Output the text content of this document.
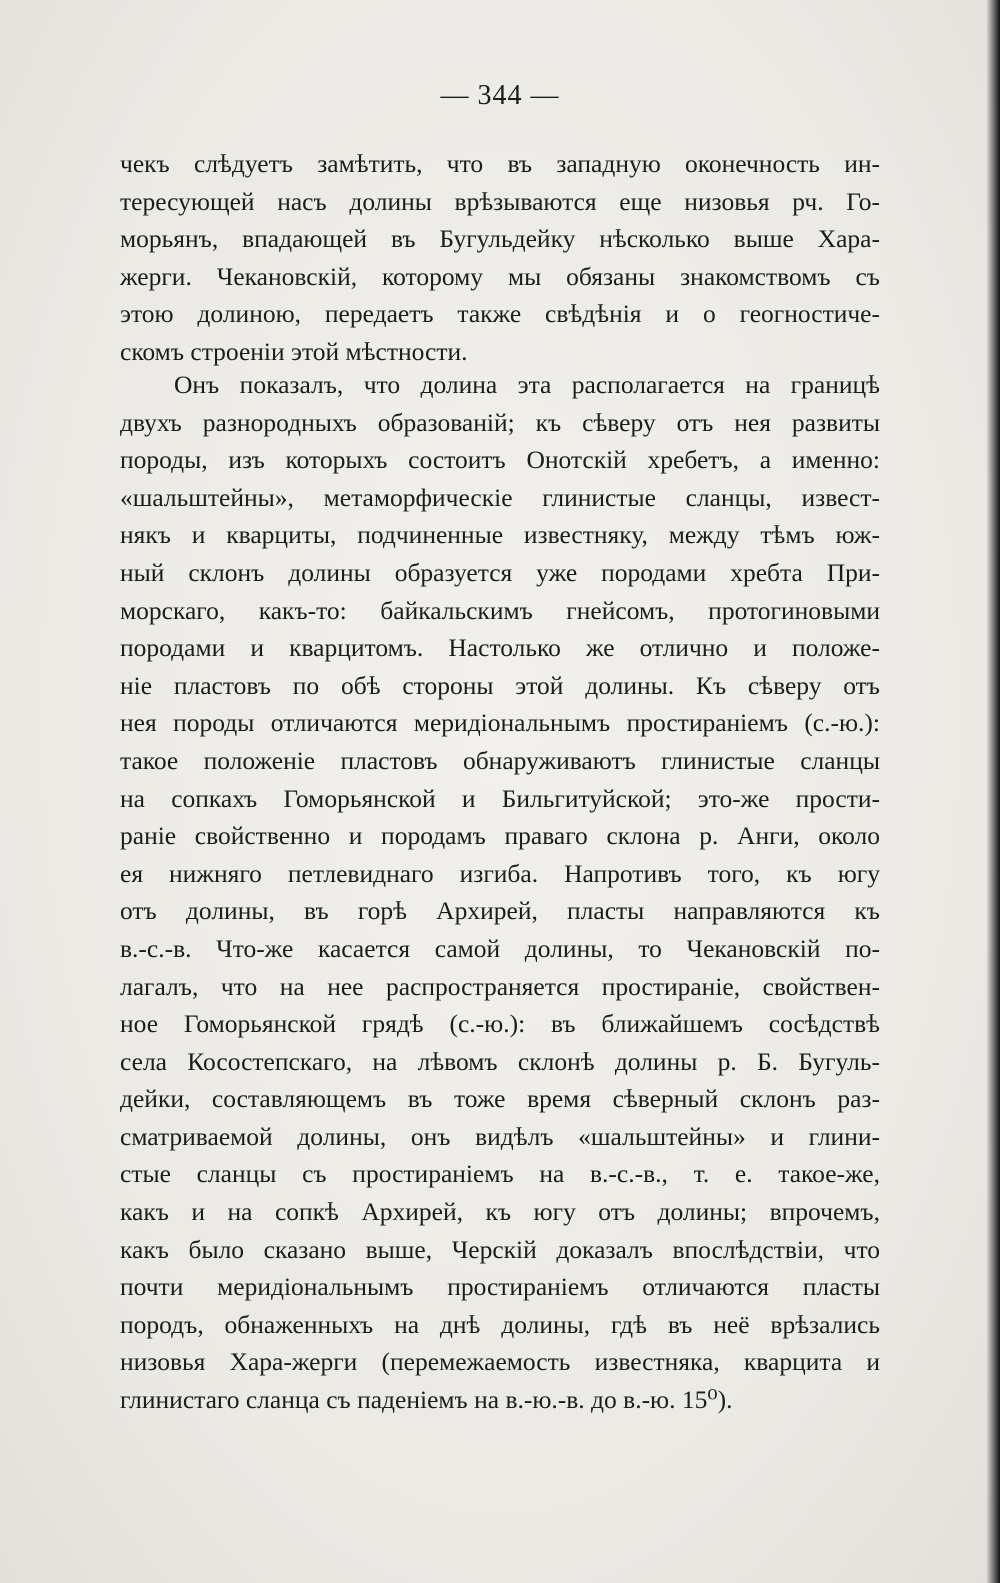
— 344 —
чекъ слѣдуетъ замѣтить, что въ западную оконечность ин-
тересующей насъ долины врѣзываются еще низовья рч. Го-
морьянъ, впадающей въ Бугульдейку нѣсколько выше Хара-
жерги. Чекановскій, которому мы обязаны знакомствомъ съ
этою долиною, передаетъ также свѣдѣнія и о геогностиче-
скомъ строеніи этой мѣстности.
Онъ показалъ, что долина эта располагается на границѣ
двухъ разнородныхъ образованій; къ сѣверу отъ нея развиты
породы, изъ которыхъ состоитъ Онотскій хребетъ, а именно:
«шальштейны», метаморфическіе глинистые сланцы, извест-
някъ и кварциты, подчиненные известняку, между тѣмъ юж-
ный склонъ долины образуется уже породами хребта При-
морскаго, какъ-то: байкальскимъ гнейсомъ, протогиновыми
породами и кварцитомъ. Настолько же отлично и положе-
ніе пластовъ по обѣ стороны этой долины. Къ сѣверу отъ
нея породы отличаются меридіональнымъ простираніемъ (с.-ю.):
такое положеніе пластовъ обнаруживаютъ глинистые сланцы
на сопкахъ Гоморьянской и Бильгитуйской; это-же прости-
раніе свойственно и породамъ праваго склона р. Анги, около
ея нижняго петлевиднаго изгиба. Напротивъ того, къ югу
отъ долины, въ горѣ Архирей, пласты направляются къ
в.-с.-в. Что-же касается самой долины, то Чекановскій по-
лагалъ, что на нее распространяется простираніе, свойствен-
ное Гоморьянской грядѣ (с.-ю.): въ ближайшемъ сосѣдствѣ
села Косостепскаго, на лѣвомъ склонѣ долины р. Б. Бугуль-
дейки, составляющемъ въ тоже время сѣверный склонъ раз-
сматриваемой долины, онъ видѣлъ «шальштейны» и глини-
стые сланцы съ простираніемъ на в.-с.-в., т. е. такое-же,
какъ и на сопкѣ Архирей, къ югу отъ долины; впрочемъ,
какъ было сказано выше, Черскій доказалъ впослѣдствіи, что
почти меридіональнымъ простираніемъ отличаются пласты
породъ, обнаженныхъ на днѣ долины, гдѣ въ неё врѣзались
низовья Хара-жерги (перемежаемость известняка, кварцита и
глинистаго сланца съ паденіемъ на в.-ю.-в. до в.-ю. 15⁰).
